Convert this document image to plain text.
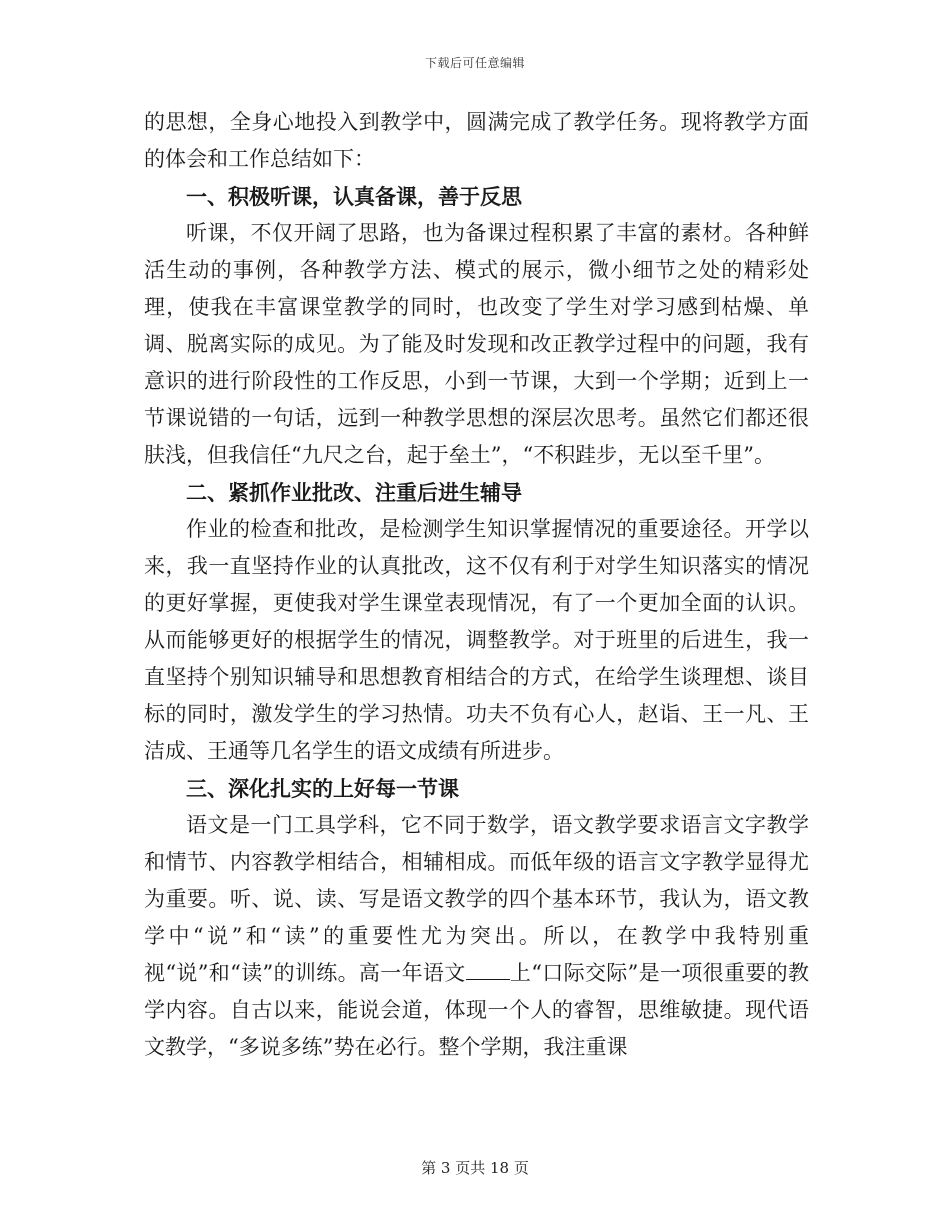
下载后可任意编辑

的思想，全身心地投入到教学中，圆满完成了教学任务。现将教学方面的体会和工作总结如下：

一、积极听课，认真备课，善于反思

听课，不仅开阔了思路，也为备课过程积累了丰富的素材。各种鲜活生动的事例，各种教学方法、模式的展示，微小细节之处的精彩处理，使我在丰富课堂教学的同时，也改变了学生对学习感到枯燥、单调、脱离实际的成见。为了能及时发现和改正教学过程中的问题，我有意识的进行阶段性的工作反思，小到一节课，大到一个学期；近到上一节课说错的一句话，远到一种教学思想的深层次思考。虽然它们都还很肤浅，但我信任“九尺之台，起于垒土”，“不积跬步，无以至千里”。

二、紧抓作业批改、注重后进生辅导

作业的检查和批改，是检测学生知识掌握情况的重要途径。开学以来，我一直坚持作业的认真批改，这不仅有利于对学生知识落实的情况的更好掌握，更使我对学生课堂表现情况，有了一个更加全面的认识。从而能够更好的根据学生的情况，调整教学。对于班里的后进生，我一直坚持个别知识辅导和思想教育相结合的方式，在给学生谈理想、谈目标的同时，激发学生的学习热情。功夫不负有心人，赵诣、王一凡、王洁成、王通等几名学生的语文成绩有所进步。

三、深化扎实的上好每一节课

语文是一门工具学科，它不同于数学，语文教学要求语言文字教学和情节、内容教学相结合，相辅相成。而低年级的语言文字教学显得尤为重要。听、说、读、写是语文教学的四个基本环节，我认为，语文教学中“说”和“读”的重要性尤为突出。所以，在教学中我特别重视“说”和“读”的训练。高一年语文 上“口际交际”是一项很重要的教学内容。自古以来，能说会道，体现一个人的睿智，思维敏捷。现代语文教学，“多说多练”势在必行。整个学期，我注重课

第 3 页共 18 页
